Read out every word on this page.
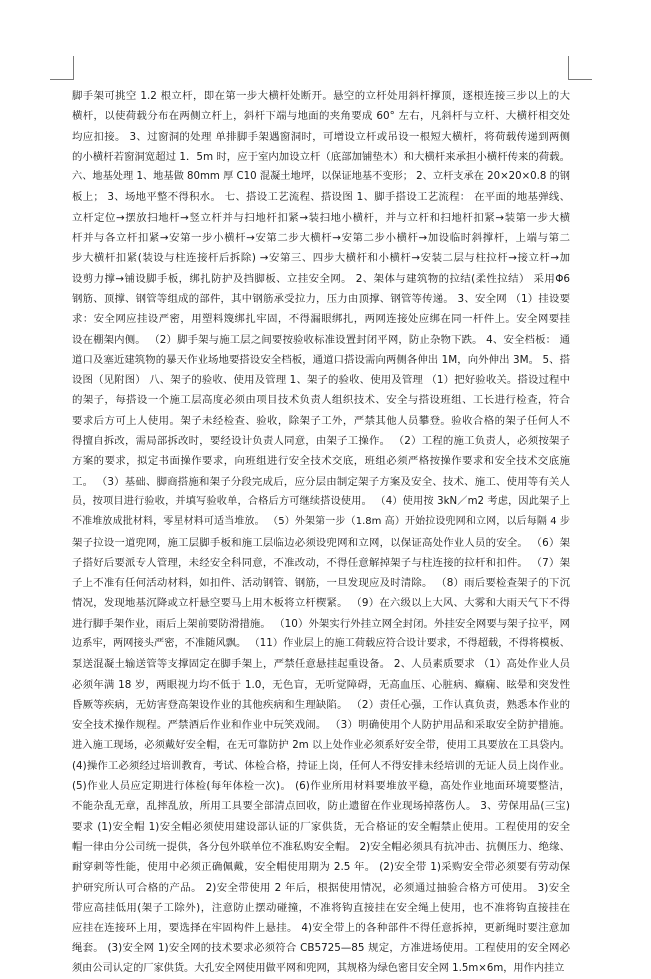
脚手架可挑空 1.2 根立杆，即在第一步大横杆处断开。悬空的立杆处用斜杆撑顶，逐根连接三步以上的大
横杆，以使荷载分布在两侧立杆上，斜杆下端与地面的夹角要成 60° 左右，凡斜杆与立杆、大横杆相交处
均应扣接。 3、过窗洞的处理 单排脚手架遇窗洞时，可增设立杆或吊设一根短大横杆，将荷载传递到两侧
的小横杆若窗洞宽超过 1．5m 时，应于室内加设立杆（底部加铺垫木）和大横杆来承担小横杆传来的荷载。
六、地基处理 1、地基做 80mm 厚 C10 混凝土地坪，以保证地基不变形； 2、立杆支承在 20×20×0.8 的钢
板上； 3、场地平整不得积水。 七、搭设工艺流程、搭设图 1、脚手搭设工艺流程： 在平面的地基弹线、
立杆定位→摆放扫地杆→竖立杆并与扫地杆扣紧→装扫地小横杆，并与立杆和扫地杆扣紧→装第一步大横
杆并与各立杆扣紧→安第一步小横杆→安第二步大横杆→安第二步小横杆→加设临时斜撑杆，上端与第二
步大横杆扣紧(装设与柱连接杆后拆除) →安第三、四步大横杆和小横杆→安装二层与柱拉杆→接立杆→加
设剪力撑→铺设脚手板，绑扎防护及挡脚板、立挂安全网。 2、架体与建筑物的拉结(柔性拉结） 采用Φ6
钢筋、顶撑、钢管等组成的部件，其中钢筋承受拉力，压力由顶撑、钢管等传递。 3、安全网 （1）挂设要
求：安全网应挂设严密，用塑料篾绑扎牢固，不得漏眼绑扎，两网连接处应绑在同一杆件上。安全网要挂
设在棚架内侧。 （2）脚手架与施工层之间要按验收标准设置封闭平网，防止杂物下跌。 4、安全档板： 通
道口及塞近建筑物的暴天作业场地要搭设安全档板，通道口搭设需向两侧各伸出 1M，向外伸出 3M。 5、搭
设图（见附图） 八、架子的验收、使用及管理 1、架子的验收、使用及管理 （1）把好验收关。搭设过程中
的架子，每搭设一个施工层高度必须由项目技术负责人组织技术、安全与搭设班组、工长进行检查，符合
要求后方可上人使用。架子未经检查、验收，除架子工外，严禁其他人员攀登。验收合格的架子任何人不
得擅自拆改，需局部拆改时，要经设计负责人同意，由架子工操作。 （2）工程的施工负责人，必须按架子
方案的要求，拟定书面操作要求，向班组进行安全技术交底，班组必须严格按操作要求和安全技术交底施
工。 （3）基础、脚商搭施和架子分段完成后，应分层由制定架子方案及安全、技术、施工、使用等有关人
员，按项目进行验收，并填写验收单，合格后方可继续搭设使用。 （4）使用按 3kN／m2 考虑，因此架子上
不准堆放成批材料，零星材料可适当堆放。 （5）外架第一步（1.8m 高）开始拉设兜网和立网，以后每隔 4 步
架子拉设一道兜网，施工层脚手板和施工层临边必须设兜网和立网，以保证高处作业人员的安全。 （6）架
子搭好后要派专人管理，未经安全科同意，不准改动，不得任意解掉架子与柱连接的拉杆和扣件。 （7）架
子上不准有任何活动材料，如扣件、活动钢管、钢筋，一旦发现应及时清除。 （8）雨后要检查架子的下沉
情况，发现地基沉降或立杆悬空要马上用木板将立杆楔紧。 （9）在六级以上大风、大雾和大雨天气下不得
进行脚手架作业，雨后上架前要防滑措施。 （10）外架实行外挂立网全封闭。外挂安全网要与架子拉平，网
边系牢，两网接头严密，不准随风飘。 （11）作业层上的施工荷载应符合设计要求，不得超载，不得将模板、
泵送混凝土输送管等支撑固定在脚手架上，严禁任意悬挂起重设备。 2、人员素质要求 （1）高处作业人员
必须年满 18 岁，两眼视力均不低于 1.0，无色盲，无听觉障碍，无高血压、心脏病、癫痫、眩晕和突发性
昏厥等疾病，无妨害登高架设作业的其他疾病和生理缺陷。 （2）责任心强，工作认真负责，熟悉本作业的
安全技术操作规程。严禁酒后作业和作业中玩笑戏闹。 （3）明确使用个人防护用品和采取安全防护措施。
进入施工现场，必须戴好安全帽，在无可靠防护 2m 以上处作业必须系好安全带，使用工具要放在工具袋内。
(4)操作工必须经过培训教育，考试、体检合格，持证上岗，任何人不得安排未经培训的无证人员上岗作业。
(5)作业人员应定期进行体检(每年体检一次)。 (6)作业所用材料要堆放平稳，高处作业地面环境要整洁，
不能杂乱无章，乱摔乱放，所用工具要全部清点回收，防止遗留在作业现场掉落伤人。 3、劳保用品(三宝)
要求 (1)安全帽 1)安全帽必须使用建设部认证的厂家供货，无合格证的安全帽禁止使用。工程使用的安全
帽一律由分公司统一提供，各分包外联单位不准私购安全帽。 2)安全帽必须具有抗冲击、抗侧压力、绝缘、
耐穿刺等性能，使用中必须正确佩戴，安全帽使用期为 2.5 年。 (2)安全带 1)采购安全带必须要有劳动保
护研究所认可合格的产品。 2)安全带使用 2 年后，根据使用情况，必须通过抽验合格方可使用。 3)安全
带应高挂低用(架子工除外)，注意防止摆动碰撞，不准将钩直接挂在安全绳上使用，也不准将钩直接挂在
应挂在连接环上用，要选择在牢固构件上悬挂。 4)安全带上的各种部件不得任意拆掉，更新绳时要注意加
绳套。 (3)安全网 1)安全网的技术要求必须符合 CB5725—85 规定，方准进场使用。工程使用的安全网必
须由公司认定的厂家供货。大孔安全网使用做平网和兜网，其规格为绿色密目安全网 1.5m×6m，用作内挂立
